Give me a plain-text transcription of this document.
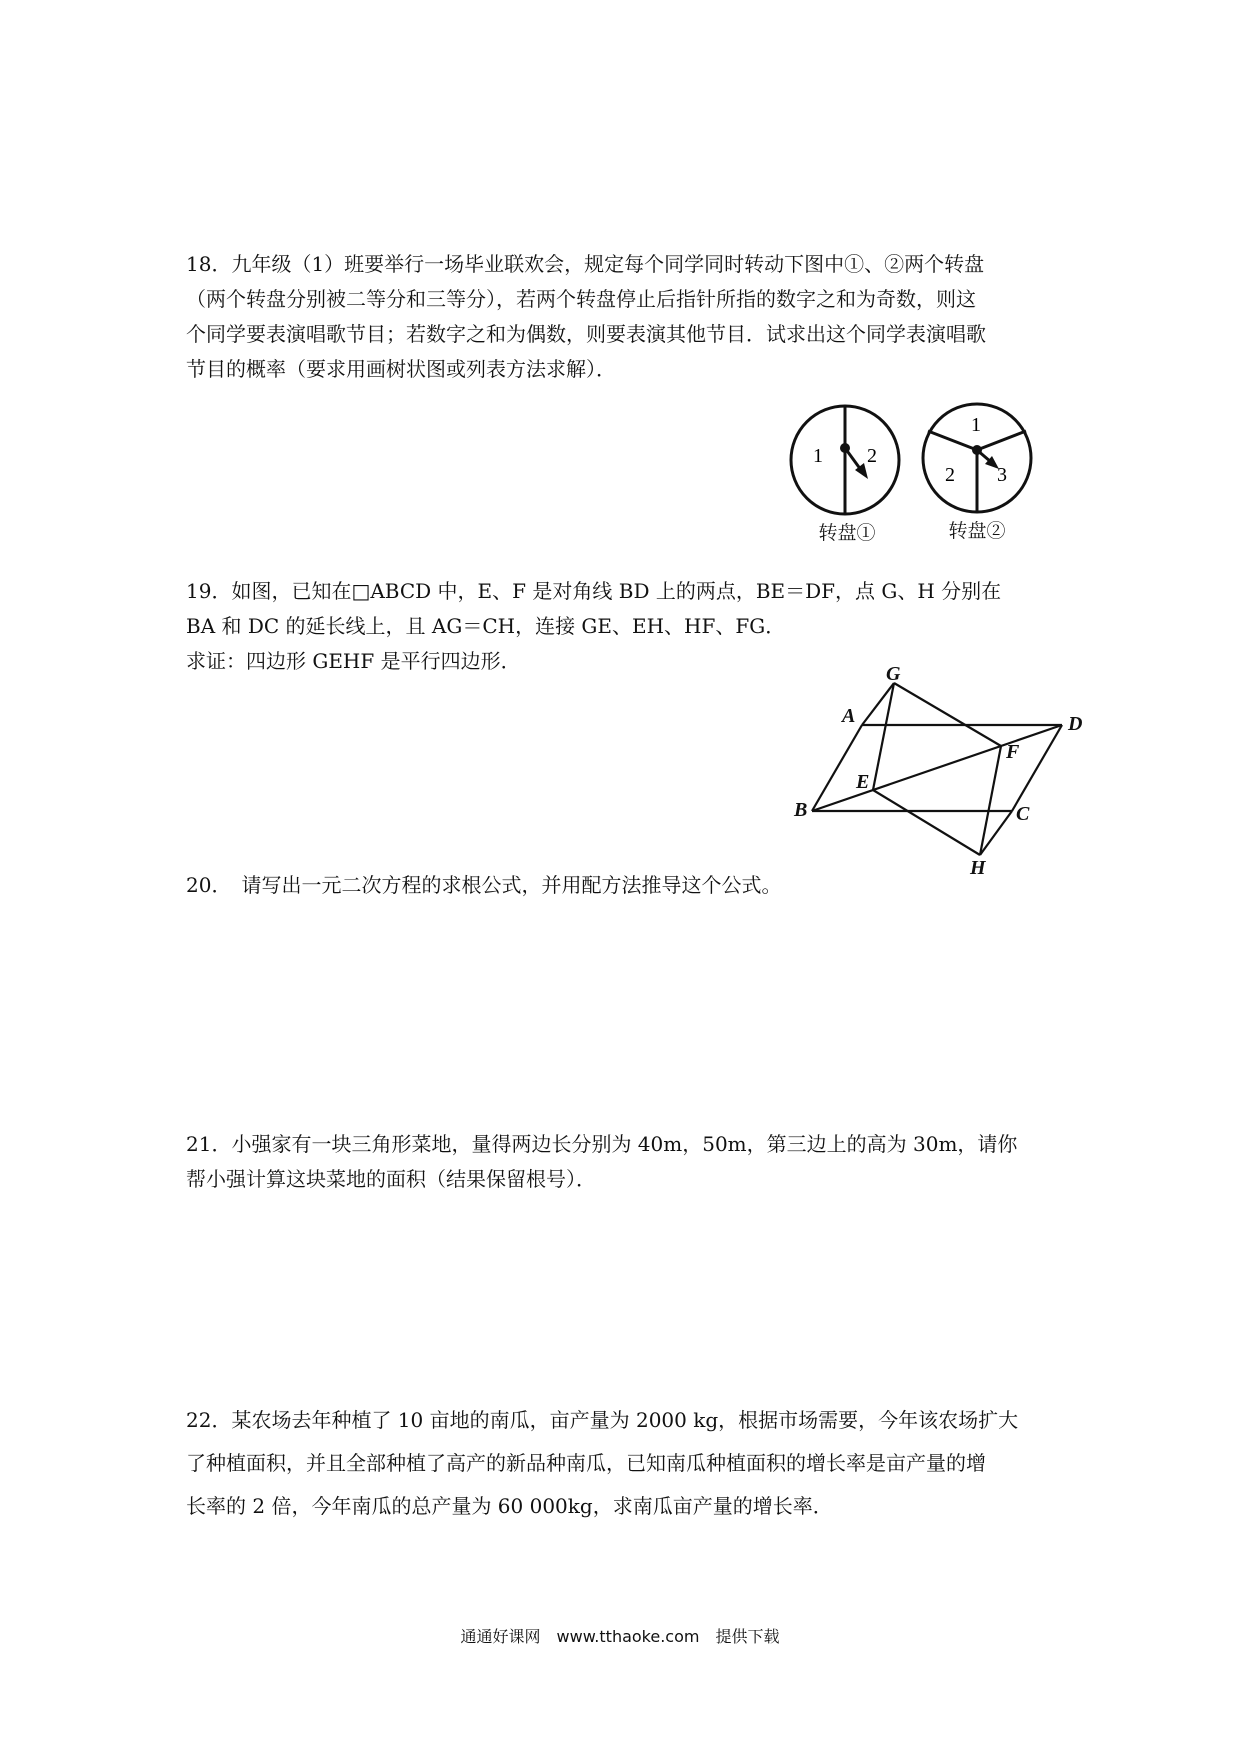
18．九年级（1）班要举行一场毕业联欢会，规定每个同学同时转动下图中①、②两个转盘
（两个转盘分别被二等分和三等分），若两个转盘停止后指针所指的数字之和为奇数，则这
个同学要表演唱歌节目；若数字之和为偶数，则要表演其他节目．试求出这个同学表演唱歌
节目的概率（要求用画树状图或列表方法求解）．

1 2
转盘①
1
2 3
转盘②

19．如图，已知在□ABCD 中，E、F 是对角线 BD 上的两点，BE＝DF，点 G、H 分别在
BA 和 DC 的延长线上，且 AG＝CH，连接 GE、EH、HF、FG．
求证：四边形 GEHF 是平行四边形．

G
A	D
F
E
B	C
H

20．　请写出一元二次方程的求根公式，并用配方法推导这个公式。

21．小强家有一块三角形菜地，量得两边长分别为 40m，50m，第三边上的高为 30m，请你
帮小强计算这块菜地的面积（结果保留根号）．

22．某农场去年种植了 10 亩地的南瓜，亩产量为 2000 kg，根据市场需要，今年该农场扩大
了种植面积，并且全部种植了高产的新品种南瓜，已知南瓜种植面积的增长率是亩产量的增
长率的 2 倍，今年南瓜的总产量为 60 000kg，求南瓜亩产量的增长率．

通通好课网　www.tthaoke.com　提供下载
